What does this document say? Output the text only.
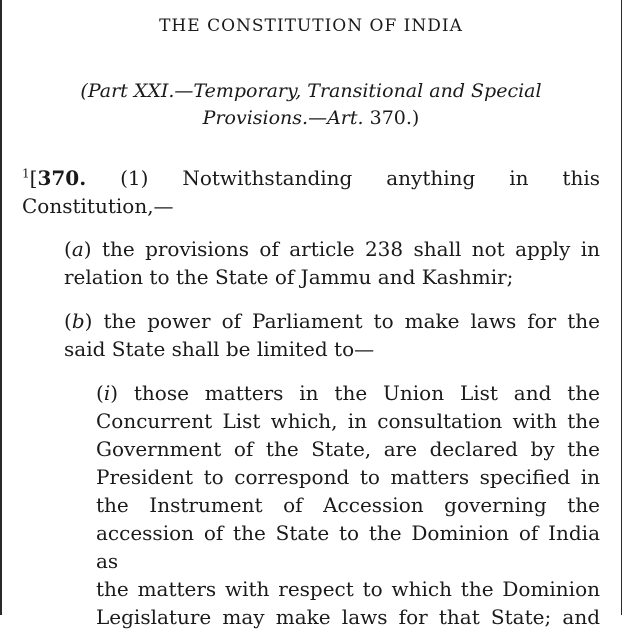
THE CONSTITUTION OF INDIA
(Part XXI.—Temporary, Transitional and Special
Provisions.—Art. 370.)
$^1$[370. (1) Notwithstanding anything in this
Constitution,—
(a) the provisions of article 238 shall not apply in
relation to the State of Jammu and Kashmir;
(b) the power of Parliament to make laws for the
said State shall be limited to—
(i) those matters in the Union List and the
Concurrent List which, in consultation with the
Government of the State, are declared by the
President to correspond to matters specified in
the Instrument of Accession governing the
accession of the State to the Dominion of India as
the matters with respect to which the Dominion
Legislature may make laws for that State; and
